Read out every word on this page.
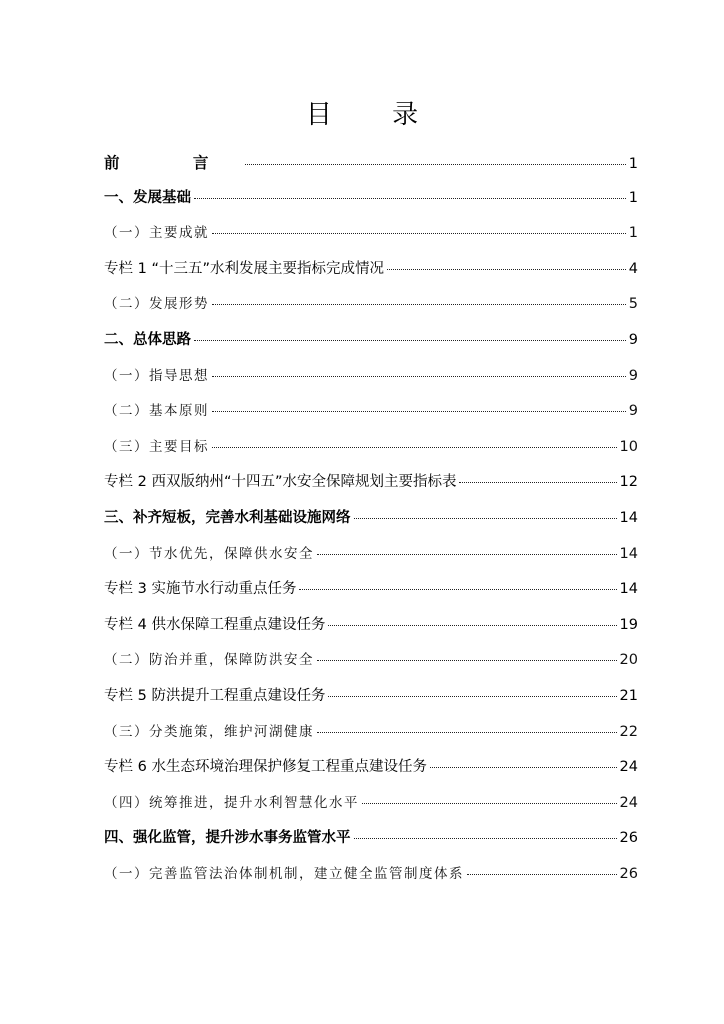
目 录
前 言	1
一、发展基础	1
（一）主要成就	1
专栏 1 “十三五”水利发展主要指标完成情况	4
（二）发展形势	5
二、总体思路	9
（一）指导思想	9
（二）基本原则	9
（三）主要目标	10
专栏 2 西双版纳州“十四五”水安全保障规划主要指标表	12
三、补齐短板，完善水利基础设施网络	14
（一）节水优先，保障供水安全	14
专栏 3 实施节水行动重点任务	14
专栏 4 供水保障工程重点建设任务	19
（二）防治并重，保障防洪安全	20
专栏 5 防洪提升工程重点建设任务	21
（三）分类施策，维护河湖健康	22
专栏 6 水生态环境治理保护修复工程重点建设任务	24
（四）统筹推进，提升水利智慧化水平	24
四、强化监管，提升涉水事务监管水平	26
（一）完善监管法治体制机制，建立健全监管制度体系	26
